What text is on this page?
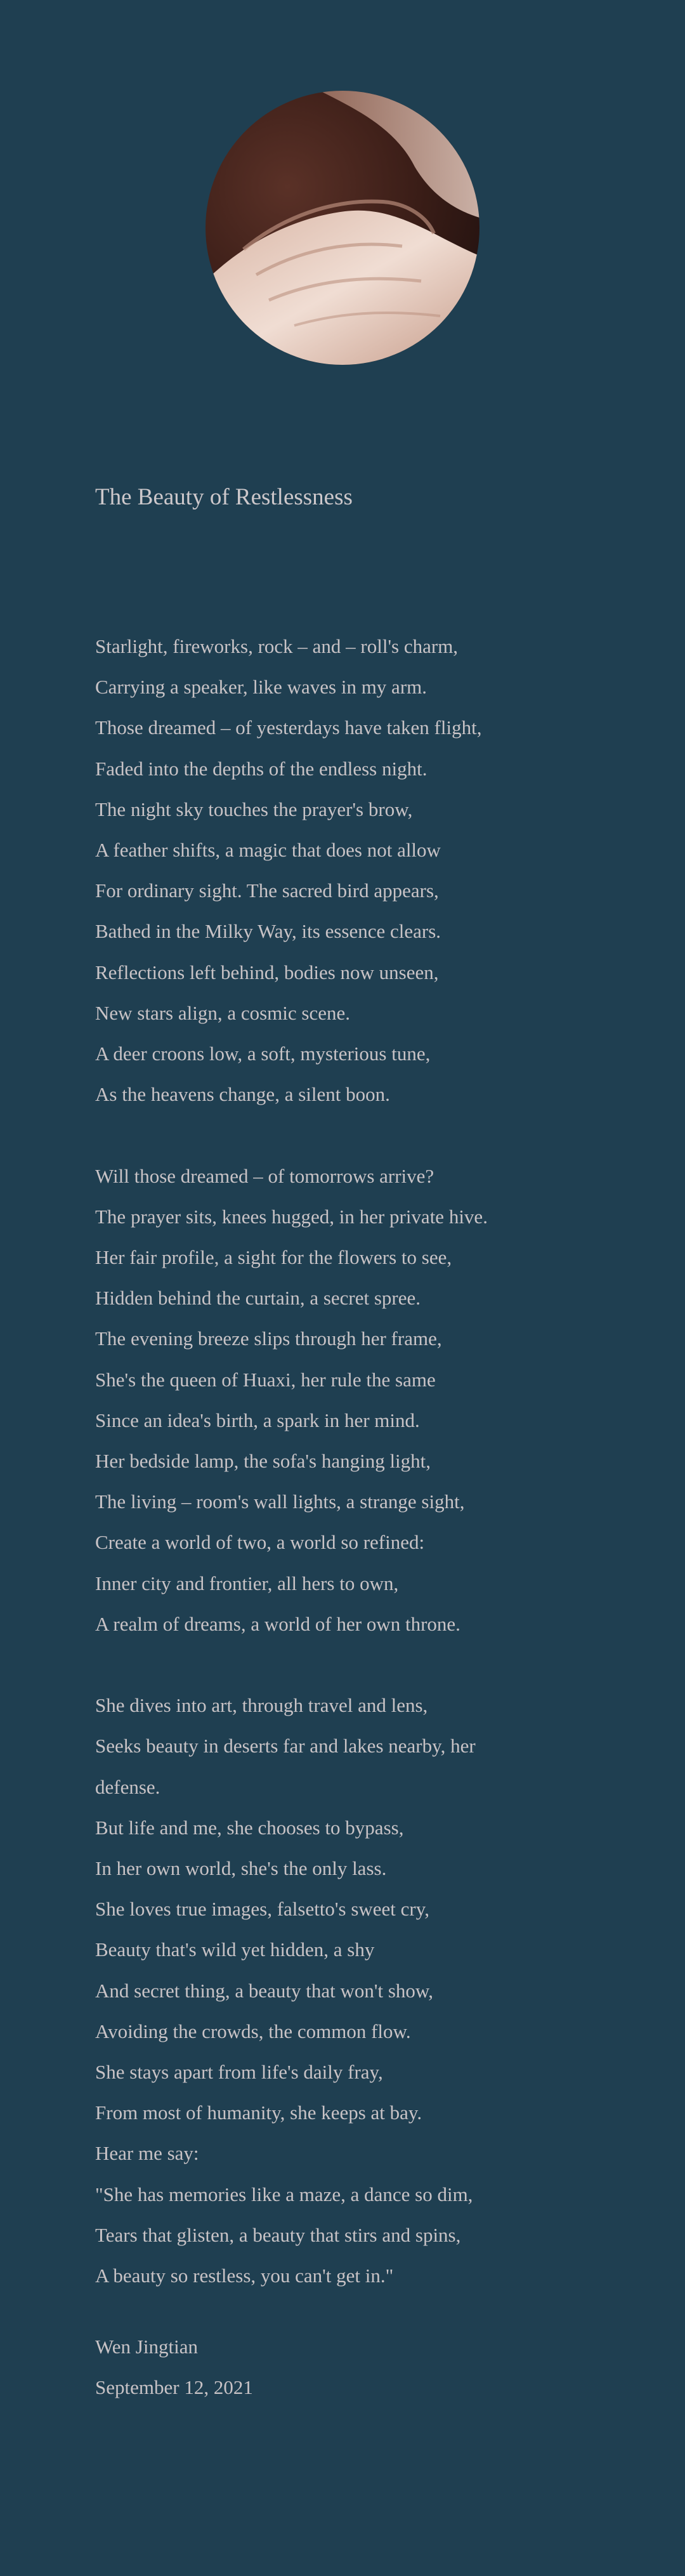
The Beauty of Restlessness
Starlight, fireworks, rock – and – roll's charm,
Carrying a speaker, like waves in my arm.
Those dreamed – of yesterdays have taken flight,
Faded into the depths of the endless night.
The night sky touches the prayer's brow,
A feather shifts, a magic that does not allow
For ordinary sight. The sacred bird appears,
Bathed in the Milky Way, its essence clears.
Reflections left behind, bodies now unseen,
New stars align, a cosmic scene.
A deer croons low, a soft, mysterious tune,
As the heavens change, a silent boon.
Will those dreamed – of tomorrows arrive?
The prayer sits, knees hugged, in her private hive.
Her fair profile, a sight for the flowers to see,
Hidden behind the curtain, a secret spree.
The evening breeze slips through her frame,
She's the queen of Huaxi, her rule the same
Since an idea's birth, a spark in her mind.
Her bedside lamp, the sofa's hanging light,
The living – room's wall lights, a strange sight,
Create a world of two, a world so refined:
Inner city and frontier, all hers to own,
A realm of dreams, a world of her own throne.
She dives into art, through travel and lens,
Seeks beauty in deserts far and lakes nearby, her
defense.
But life and me, she chooses to bypass,
In her own world, she's the only lass.
She loves true images, falsetto's sweet cry,
Beauty that's wild yet hidden, a shy
And secret thing, a beauty that won't show,
Avoiding the crowds, the common flow.
She stays apart from life's daily fray,
From most of humanity, she keeps at bay.
Hear me say:
"She has memories like a maze, a dance so dim,
Tears that glisten, a beauty that stirs and spins,
A beauty so restless, you can't get in."
Wen Jingtian
September 12, 2021
